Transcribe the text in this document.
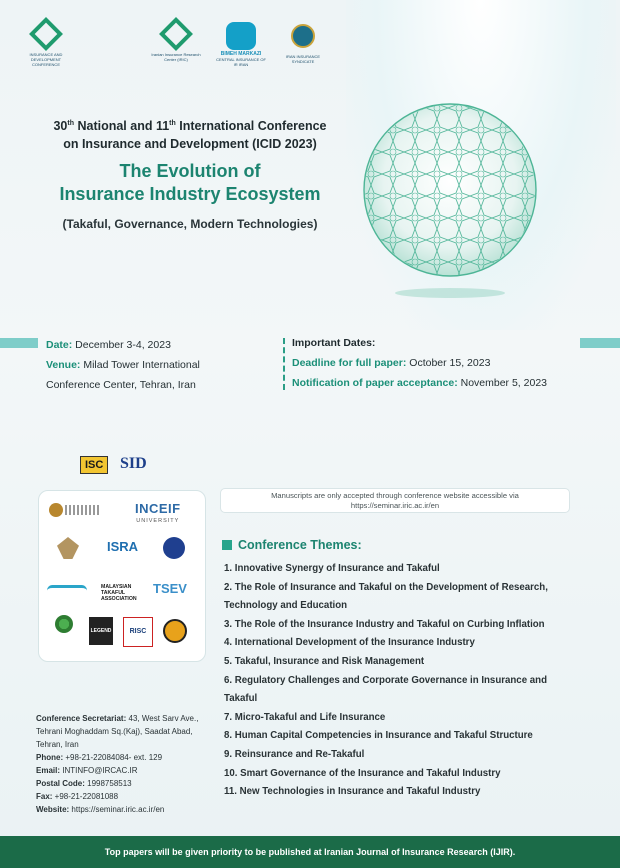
INSURANCE AND DEVELOPMENT CONFERENCE
Iranian Insurance Research Center (IRIC)
BIMEH MARKAZI
CENTRAL INSURANCE OF IR IRAN
IRAN INSURANCE SYNDICATE
30th National and 11th International Conference
on Insurance and Development (ICID 2023)
The Evolution of
Insurance Industry Ecosystem
(Takaful, Governance, Modern Technologies)
Date: December 3-4, 2023
Venue: Milad Tower International
Conference Center, Tehran, Iran
Important Dates:
Deadline for full paper: October 15, 2023
Notification of paper acceptance: November 5, 2023
ISC	SID

INCEIF
UNIVERSITY
ISRA
MALAYSIAN
TAKAFUL
ASSOCIATION
TSEV
LEGEND	RISC
Manuscripts are only accepted through conference website accessible via
https://seminar.iric.ac.ir/en
Conference Themes:
1. Innovative Synergy of Insurance and Takaful
2. The Role of Insurance and Takaful on the Development of Research,
Technology and Education
3. The Role of the Insurance Industry and Takaful on Curbing Inflation
4. International Development of the Insurance Industry
5. Takaful, Insurance and Risk Management
6. Regulatory Challenges and Corporate Governance in Insurance and
Takaful
7. Micro-Takaful and Life Insurance
8. Human Capital Competencies in Insurance and Takaful Structure
9. Reinsurance and Re-Takaful
10. Smart Governance of the Insurance and Takaful Industry
11. New Technologies in Insurance and Takaful Industry
Conference Secretariat: 43, West Sarv Ave.,
Tehrani Moghaddam Sq.(Kaj), Saadat Abad,
Tehran, Iran
Phone: +98-21-22084084- ext. 129
Email: INTINFO@IRCAC.IR
Postal Code: 1998758513
Fax: +98-21-22081088
Website: https://seminar.iric.ac.ir/en
Top papers will be given priority to be published at Iranian Journal of Insurance Research (IJIR).
